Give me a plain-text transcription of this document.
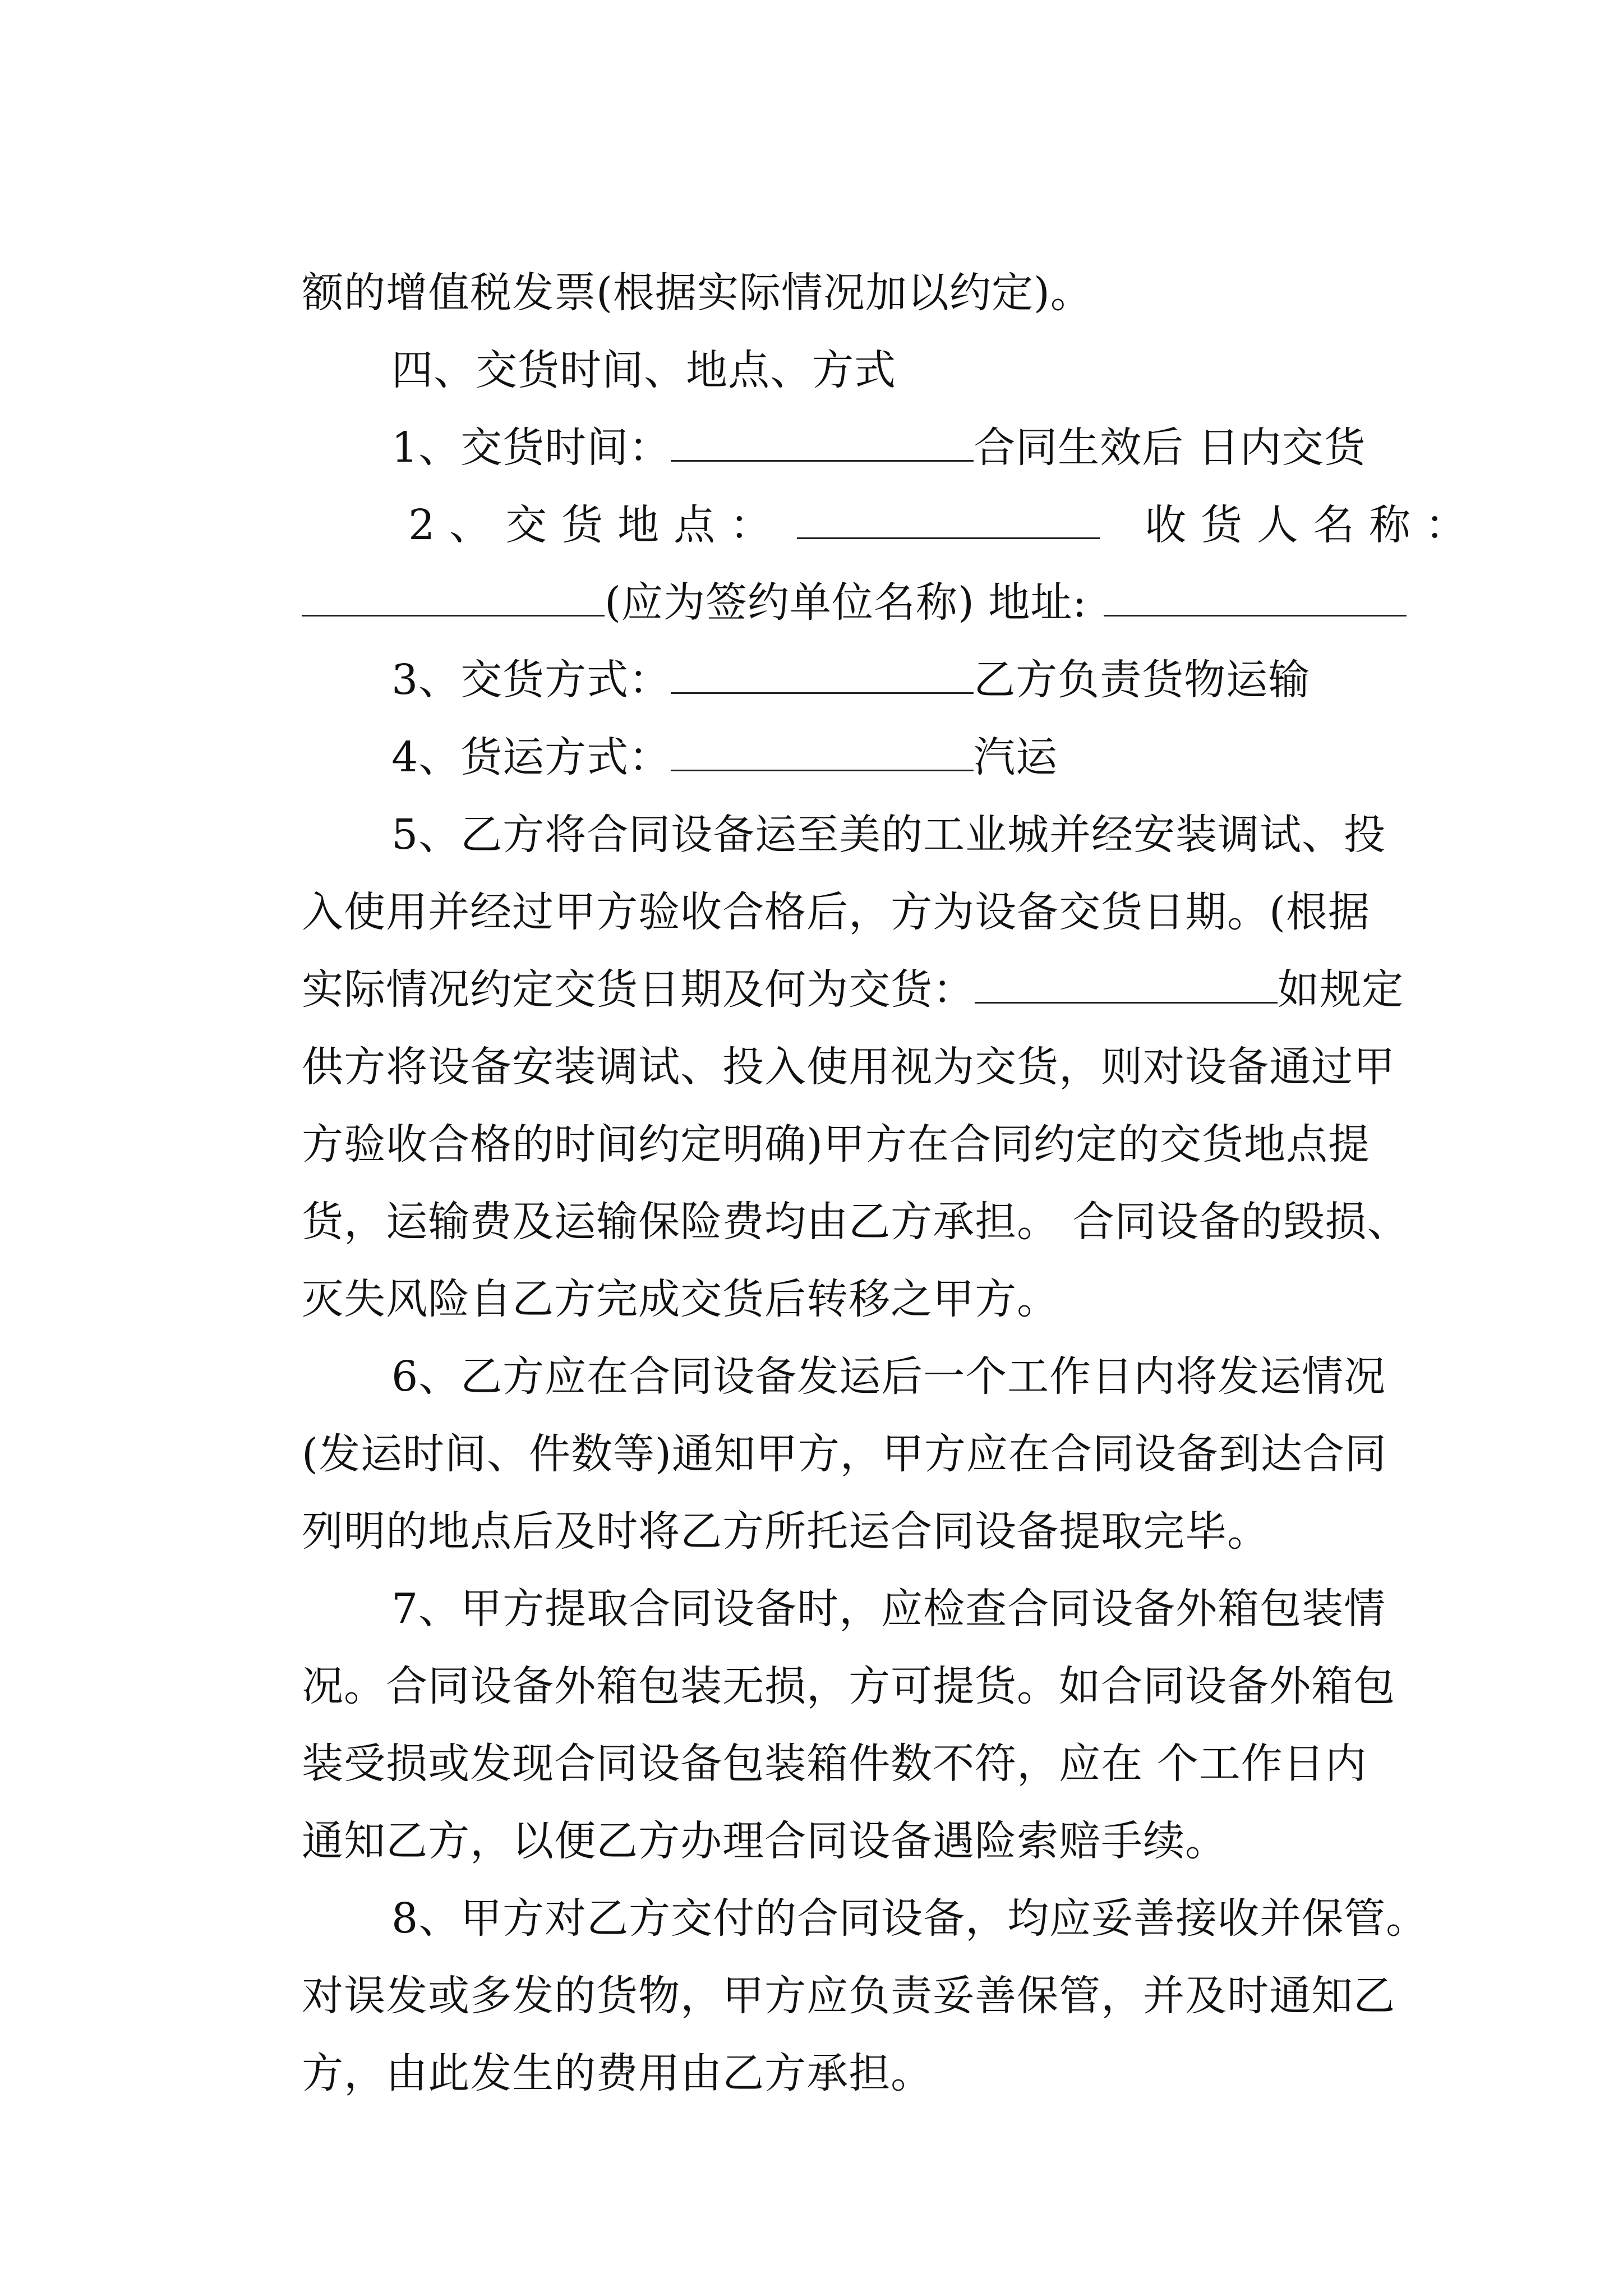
额的增值税发票(根据实际情况加以约定)。

四、交货时间、地点、方式

1、交货时间：	合同生效后 日内交货

2、交货地点：	收货人名称：

(应为签约单位名称) 地址:

3、交货方式：	乙方负责货物运输

4、货运方式：	汽运

5、乙方将合同设备运至美的工业城并经安装调试、投

入使用并经过甲方验收合格后，方为设备交货日期。(根据

实际情况约定交货日期及何为交货：	如规定

供方将设备安装调试、投入使用视为交货，则对设备通过甲

方验收合格的时间约定明确)甲方在合同约定的交货地点提

货，运输费及运输保险费均由乙方承担。 合同设备的毁损、

灭失风险自乙方完成交货后转移之甲方。

6、乙方应在合同设备发运后一个工作日内将发运情况

(发运时间、件数等)通知甲方，甲方应在合同设备到达合同

列明的地点后及时将乙方所托运合同设备提取完毕。

7、甲方提取合同设备时，应检查合同设备外箱包装情

况。合同设备外箱包装无损，方可提货。如合同设备外箱包

装受损或发现合同设备包装箱件数不符，应在 个工作日内

通知乙方，以便乙方办理合同设备遇险索赔手续。

8、甲方对乙方交付的合同设备，均应妥善接收并保管。

对误发或多发的货物，甲方应负责妥善保管，并及时通知乙

方，由此发生的费用由乙方承担。
